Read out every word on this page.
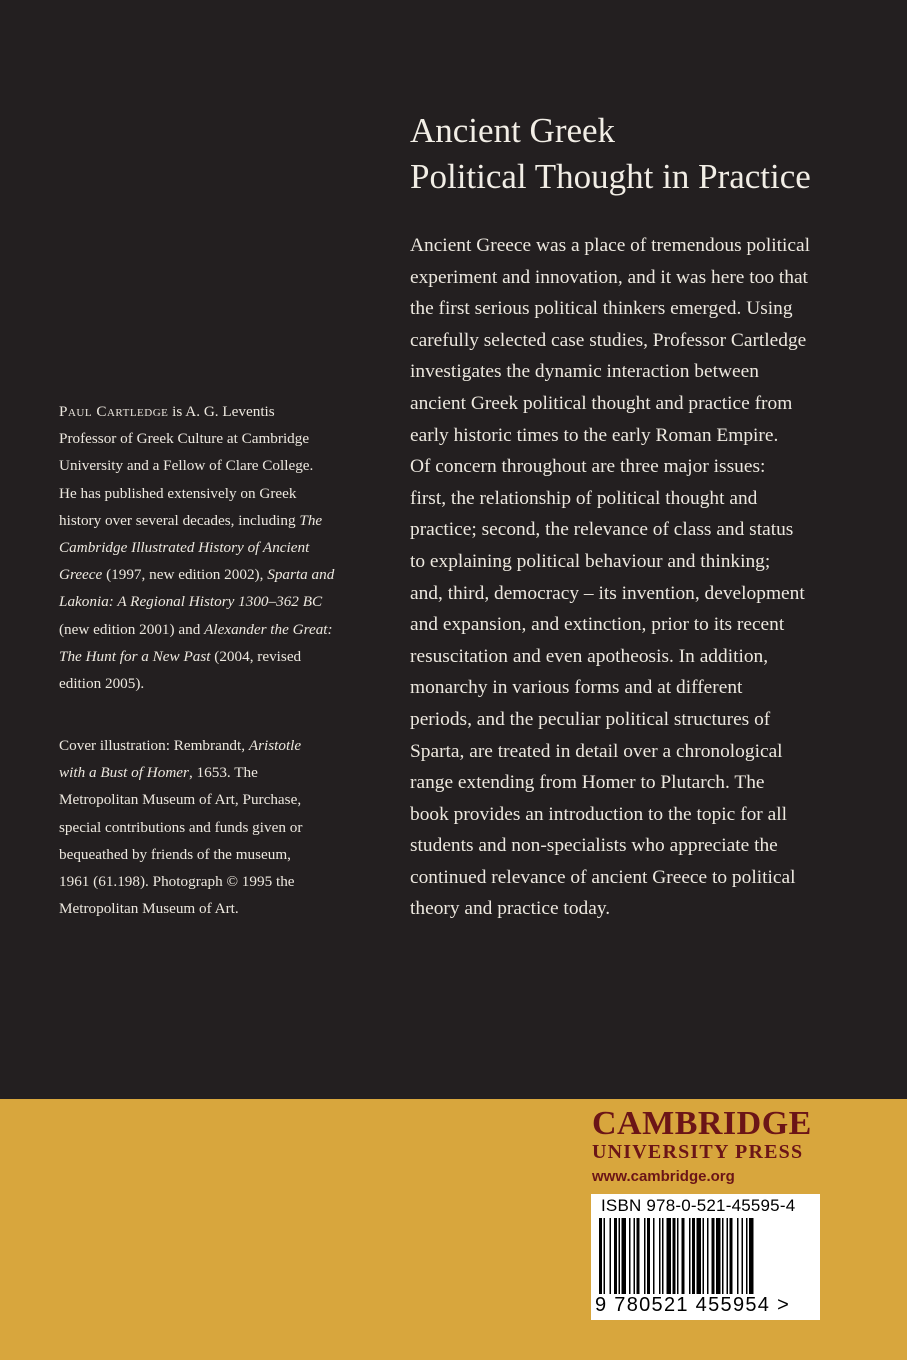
Ancient Greek
Political Thought in Practice
Ancient Greece was a place of tremendous political
experiment and innovation, and it was here too that
the first serious political thinkers emerged. Using
carefully selected case studies, Professor Cartledge
investigates the dynamic interaction between
ancient Greek political thought and practice from
early historic times to the early Roman Empire.
Of concern throughout are three major issues:
first, the relationship of political thought and
practice; second, the relevance of class and status
to explaining political behaviour and thinking;
and, third, democracy – its invention, development
and expansion, and extinction, prior to its recent
resuscitation and even apotheosis. In addition,
monarchy in various forms and at different
periods, and the peculiar political structures of
Sparta, are treated in detail over a chronological
range extending from Homer to Plutarch. The
book provides an introduction to the topic for all
students and non-specialists who appreciate the
continued relevance of ancient Greece to political
theory and practice today.
Paul Cartledge is A. G. Leventis
Professor of Greek Culture at Cambridge
University and a Fellow of Clare College.
He has published extensively on Greek
history over several decades, including The
Cambridge Illustrated History of Ancient
Greece (1997, new edition 2002), Sparta and
Lakonia: A Regional History 1300–362 BC
(new edition 2001) and Alexander the Great:
The Hunt for a New Past (2004, revised
edition 2005).
Cover illustration: Rembrandt, Aristotle
with a Bust of Homer, 1653. The
Metropolitan Museum of Art, Purchase,
special contributions and funds given or
bequeathed by friends of the museum,
1961 (61.198). Photograph © 1995 the
Metropolitan Museum of Art.
CAMBRIDGE
UNIVERSITY PRESS
www.cambridge.org
ISBN 978-0-521-45595-4
9 780521 455954 >
